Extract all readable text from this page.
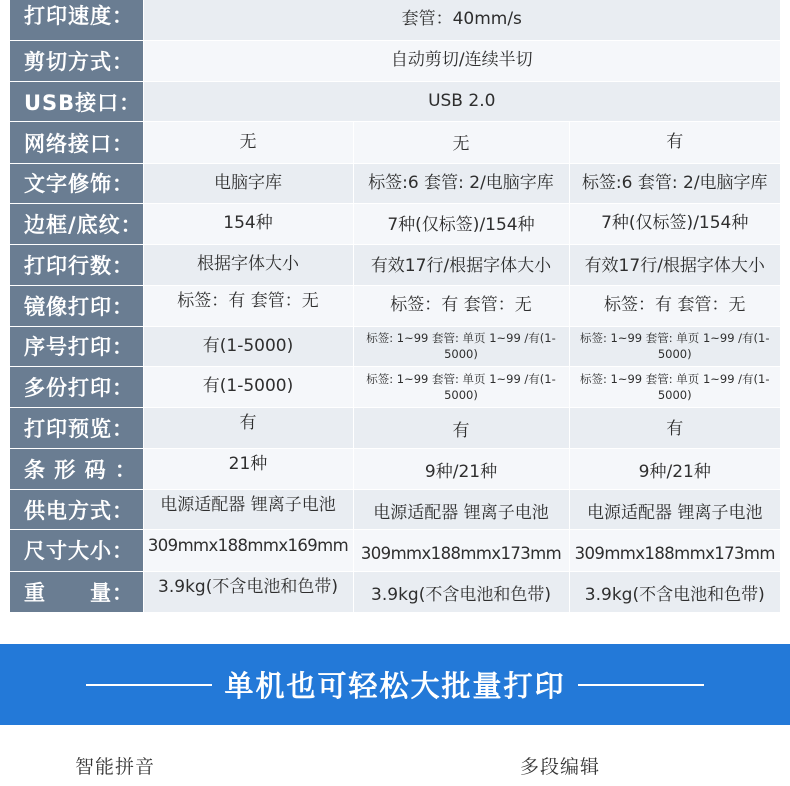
打印速度：	套管：40mm/s		
剪切方式：	自动剪切/连续半切		
USB接口：	USB 2.0		
网络接口：	无	无	有
文字修饰：	电脑字库	标签:6 套管: 2/电脑字库	标签:6 套管: 2/电脑字库
边框/底纹：	154种	7种(仅标签)/154种	7种(仅标签)/154种
打印行数：	根据字体大小	有效17行/根据字体大小	有效17行/根据字体大小
镜像打印：	标签：有 套管：无	标签：有 套管：无	标签：有 套管：无
序号打印：	有(1-5000)	标签: 1~99 套管: 单页 1~99 /有(1-5000)	标签: 1~99 套管: 单页 1~99 /有(1-5000)
多份打印：	有(1-5000)	标签: 1~99 套管: 单页 1~99 /有(1-5000)	标签: 1~99 套管: 单页 1~99 /有(1-5000)
打印预览：	有	有	有
条 形 码 ：	21种	9种/21种	9种/21种
供电方式：	电源适配器 锂离子电池	电源适配器 锂离子电池	电源适配器 锂离子电池
尺寸大小：	309mmx188mmx169mm	309mmx188mmx173mm	309mmx188mmx173mm
重　　量：	3.9kg(不含电池和色带)	3.9kg(不含电池和色带)	3.9kg(不含电池和色带)
单机也可轻松大批量打印
智能拼音	多段编辑
